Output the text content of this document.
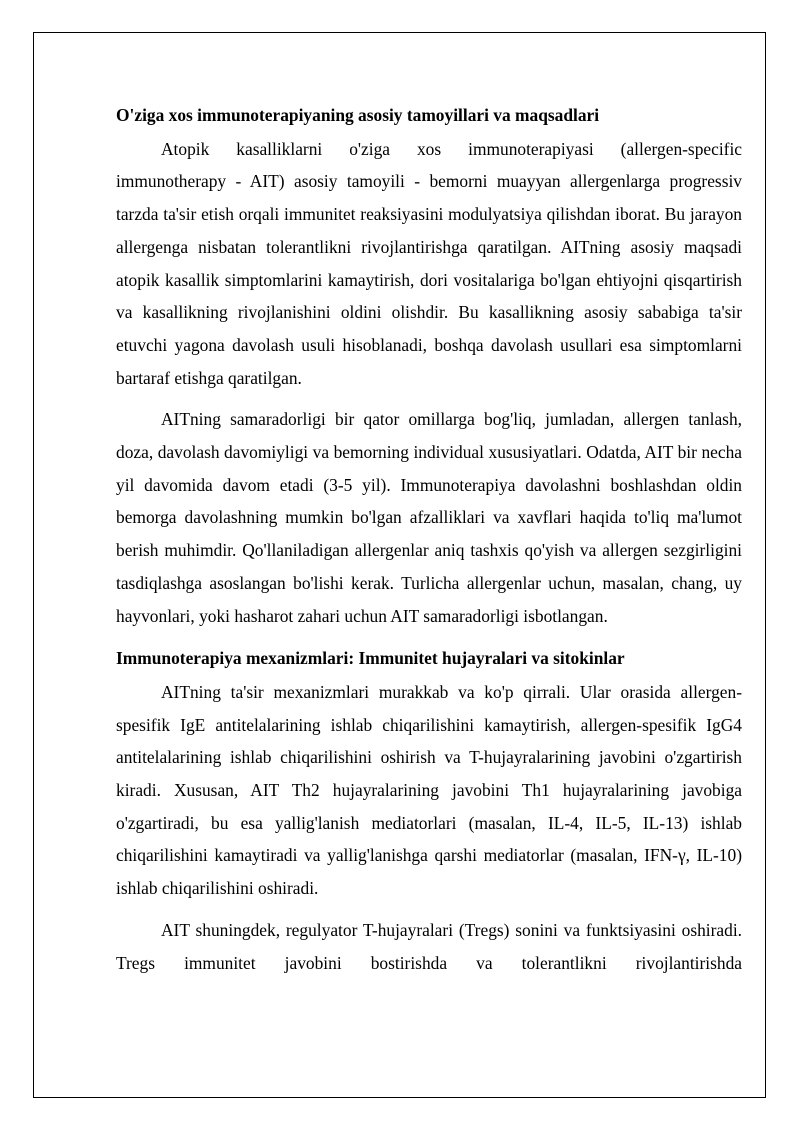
O'ziga xos immunoterapiyaning asosiy tamoyillari va maqsadlari

Atopik kasalliklarni o'ziga xos immunoterapiyasi (allergen-specific immunotherapy - AIT) asosiy tamoyili - bemorni muayyan allergenlarga progressiv tarzda ta'sir etish orqali immunitet reaksiyasini modulyatsiya qilishdan iborat. Bu jarayon allergenga nisbatan tolerantlikni rivojlantirishga qaratilgan. AITning asosiy maqsadi atopik kasallik simptomlarini kamaytirish, dori vositalariga bo'lgan ehtiyojni qisqartirish va kasallikning rivojlanishini oldini olishdir. Bu kasallikning asosiy sababiga ta'sir etuvchi yagona davolash usuli hisoblanadi, boshqa davolash usullari esa simptomlarni bartaraf etishga qaratilgan.

AITning samaradorligi bir qator omillarga bog'liq, jumladan, allergen tanlash, doza, davolash davomiyligi va bemorning individual xususiyatlari. Odatda, AIT bir necha yil davomida davom etadi (3-5 yil). Immunoterapiya davolashni boshlashdan oldin bemorga davolashning mumkin bo'lgan afzalliklari va xavflari haqida to'liq ma'lumot berish muhimdir. Qo'llaniladigan allergenlar aniq tashxis qo'yish va allergen sezgirligini tasdiqlashga asoslangan bo'lishi kerak. Turlicha allergenlar uchun, masalan, chang, uy hayvonlari, yoki hasharot zahari uchun AIT samaradorligi isbotlangan.

Immunoterapiya mexanizmlari: Immunitet hujayralari va sitokinlar

AITning ta'sir mexanizmlari murakkab va ko'p qirrali. Ular orasida allergen-spesifik IgE antitelalarining ishlab chiqarilishini kamaytirish, allergen-spesifik IgG4 antitelalarining ishlab chiqarilishini oshirish va T-hujayralarining javobini o'zgartirish kiradi. Xususan, AIT Th2 hujayralarining javobini Th1 hujayralarining javobiga o'zgartiradi, bu esa yallig'lanish mediatorlari (masalan, IL-4, IL-5, IL-13) ishlab chiqarilishini kamaytiradi va yallig'lanishga qarshi mediatorlar (masalan, IFN-γ, IL-10) ishlab chiqarilishini oshiradi.

AIT shuningdek, regulyator T-hujayralari (Tregs) sonini va funktsiyasini oshiradi. Tregs immunitet javobini bostirishda va tolerantlikni rivojlantirishda
